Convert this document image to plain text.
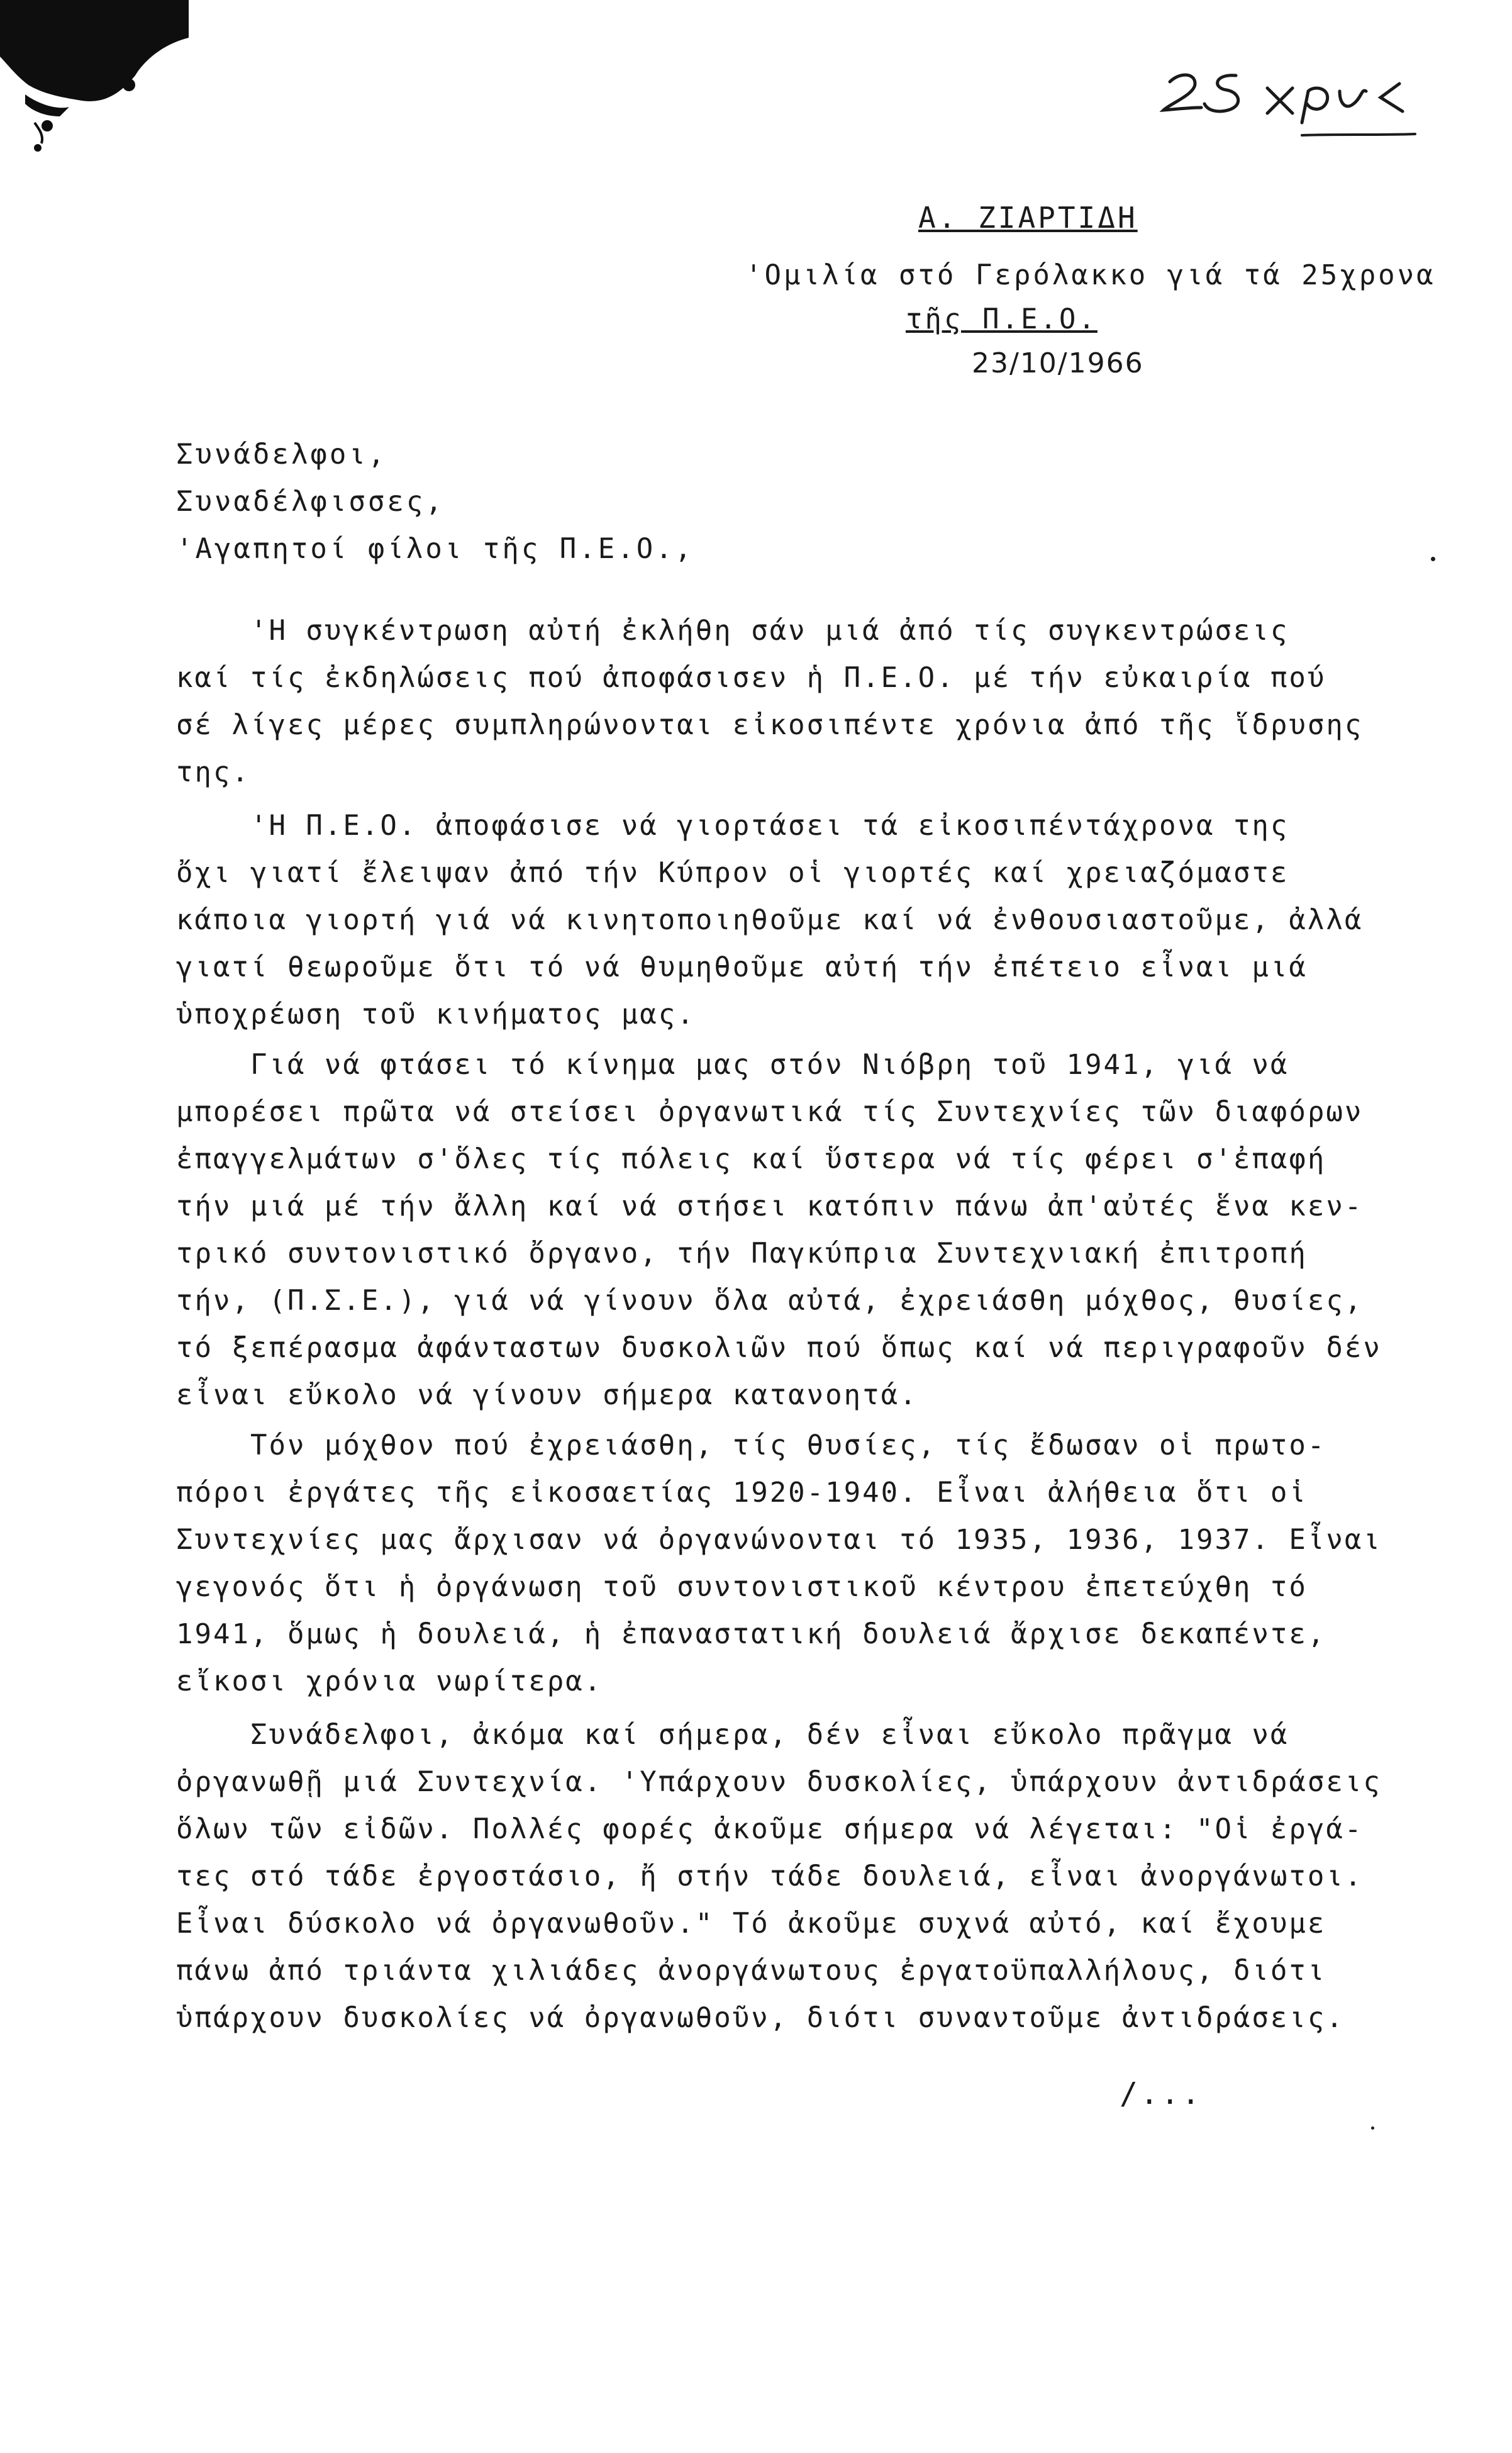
Α. ΖΙΑΡΤΙΔΗ
'Ομιλία στό Γερόλακκο γιά τά 25χρονα
τῆς Π.Ε.Ο.
23/10/1966
Συνάδελφοι,
Συναδέλφισσες,
'Αγαπητοί φίλοι τῆς Π.Ε.Ο.,
'Η συγκέντρωση αὐτή ἐκλήθη σάν μιά ἀπό τίς συγκεντρώσεις
καί τίς ἐκδηλώσεις πού ἀποφάσισεν ἡ Π.Ε.Ο. μέ τήν εὐκαιρία πού
σέ λίγες μέρες συμπληρώνονται εἰκοσιπέντε χρόνια ἀπό τῆς ἵδρυσης
της.
'Η Π.Ε.Ο. ἀποφάσισε νά γιορτάσει τά εἰκοσιπέντάχρονα της
ὄχι γιατί ἔλειψαν ἀπό τήν Κύπρον οἱ γιορτές καί χρειαζόμαστε
κάποια γιορτή γιά νά κινητοποιηθοῦμε καί νά ἐνθουσιαστοῦμε, ἀλλά
γιατί θεωροῦμε ὅτι τό νά θυμηθοῦμε αὐτή τήν ἐπέτειο εἶναι μιά
ὑποχρέωση τοῦ κινήματος μας.
Γιά νά φτάσει τό κίνημα μας στόν Νιόβρη τοῦ 1941, γιά νά
μπορέσει πρῶτα νά στείσει ὀργανωτικά τίς Συντεχνίες τῶν διαφόρων
ἐπαγγελμάτων σ'ὅλες τίς πόλεις καί ὕστερα νά τίς φέρει σ'ἐπαφή
τήν μιά μέ τήν ἄλλη καί νά στήσει κατόπιν πάνω ἀπ'αὐτές ἕνα κεν-
τρικό συντονιστικό ὄργανο, τήν Παγκύπρια Συντεχνιακή ἐπιτροπή
τήν, (Π.Σ.Ε.), γιά νά γίνουν ὅλα αὐτά, ἐχρειάσθη μόχθος, θυσίες,
τό ξεπέρασμα ἀφάνταστων δυσκολιῶν πού ὅπως καί νά περιγραφοῦν δέν
εἶναι εὔκολο νά γίνουν σήμερα κατανοητά.
Τόν μόχθον πού ἐχρειάσθη, τίς θυσίες, τίς ἔδωσαν οἱ πρωτο-
πόροι ἐργάτες τῆς εἰκοσαετίας 1920-1940. Εἶναι ἀλήθεια ὅτι οἱ
Συντεχνίες μας ἄρχισαν νά ὀργανώνονται τό 1935, 1936, 1937. Εἶναι
γεγονός ὅτι ἡ ὀργάνωση τοῦ συντονιστικοῦ κέντρου ἐπετεύχθη τό
1941, ὅμως ἡ δουλειά, ἡ ἐπαναστατική δουλειά ἄρχισε δεκαπέντε,
εἴκοσι χρόνια νωρίτερα.
Συνάδελφοι, ἀκόμα καί σήμερα, δέν εἶναι εὔκολο πρᾶγμα νά
ὀργανωθῇ μιά Συντεχνία. 'Υπάρχουν δυσκολίες, ὑπάρχουν ἀντιδράσεις
ὅλων τῶν εἰδῶν. Πολλές φορές ἀκοῦμε σήμερα νά λέγεται: "Οἱ ἐργά-
τες στό τάδε ἐργοστάσιο, ἤ στήν τάδε δουλειά, εἶναι ἀνοργάνωτοι.
Εἶναι δύσκολο νά ὀργανωθοῦν." Τό ἀκοῦμε συχνά αὐτό, καί ἔχουμε
πάνω ἀπό τριάντα χιλιάδες ἀνοργάνωτους ἐργατοϋπαλλήλους, διότι
ὑπάρχουν δυσκολίες νά ὀργανωθοῦν, διότι συναντοῦμε ἀντιδράσεις.
/...
